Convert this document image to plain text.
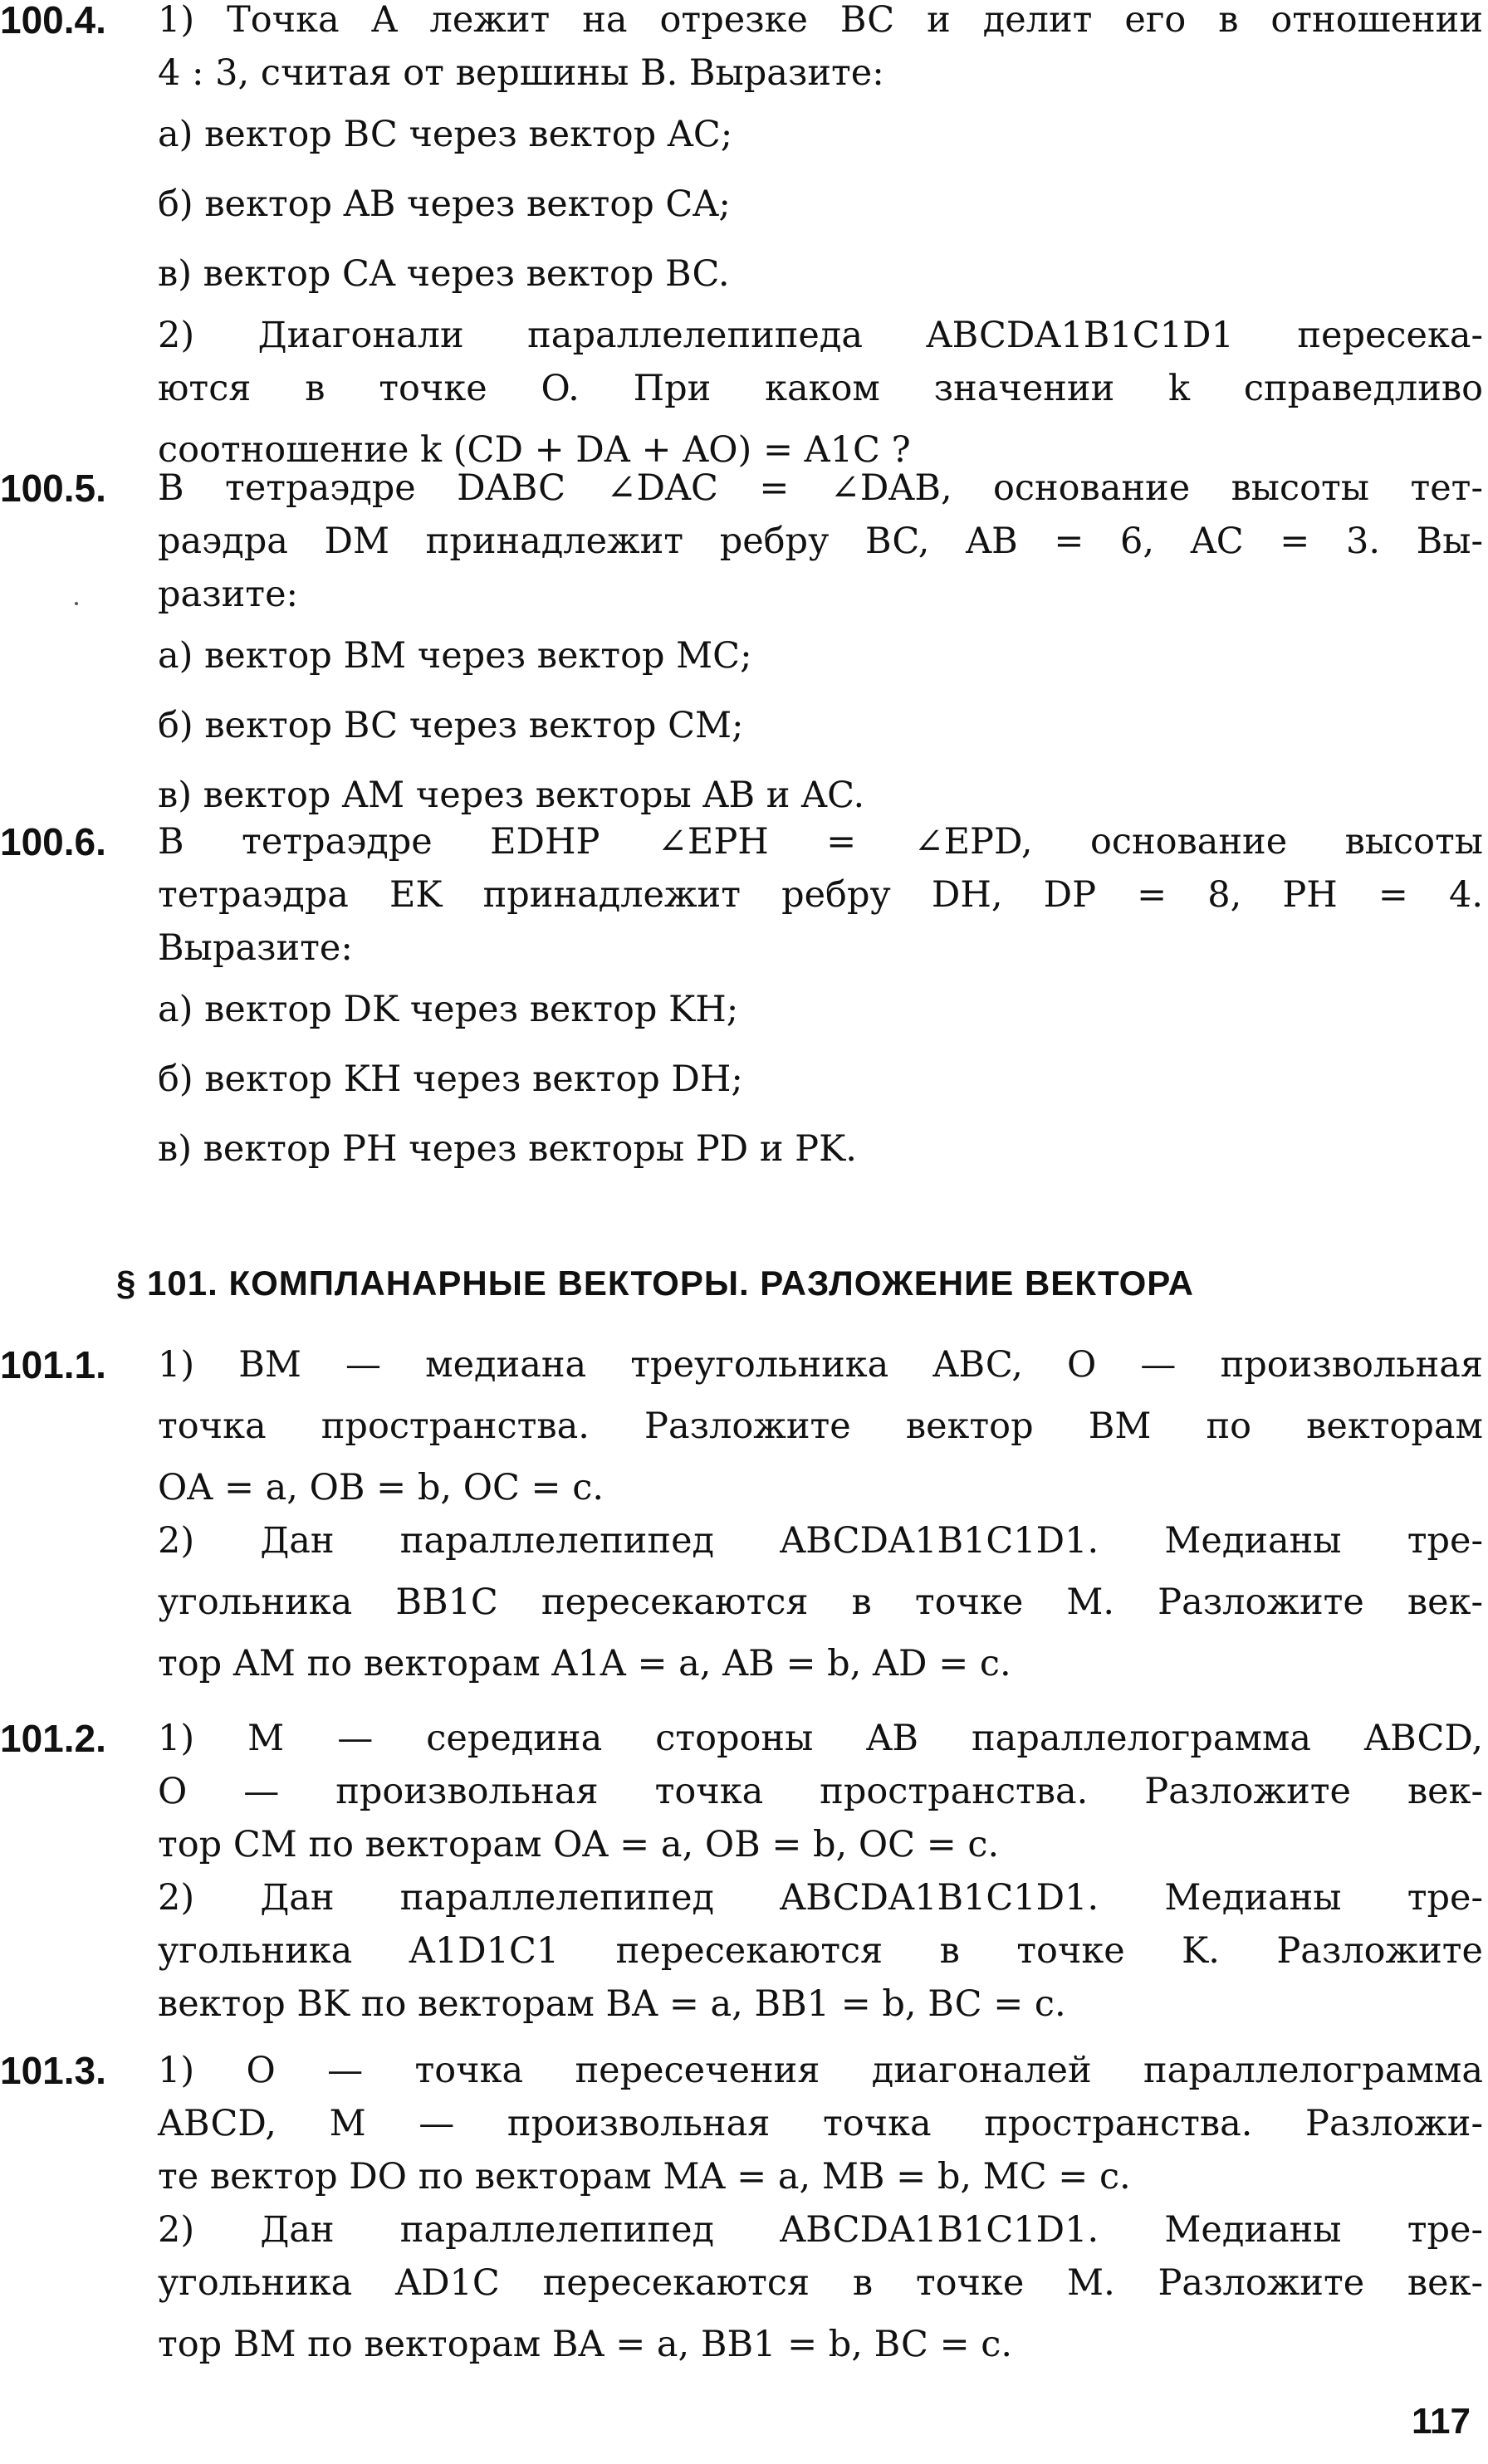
100.4. 1) Точка A лежит на отрезке BC и делит его в отношении
4 : 3, считая от вершины B. Выразите:
а) вектор BC через вектор AC;
б) вектор AB через вектор CA;
в) вектор CA через вектор BC.
2) Диагонали параллелепипеда ABCDA1B1C1D1 пересека-
ются в точке O. При каком значении k справедливо
соотношение k (CD + DA + AO) = A1C ?
100.5. В тетраэдре DABC ∠DAC = ∠DAB, основание высоты тет-
раэдра DM принадлежит ребру BC, AB = 6, AC = 3. Вы-
разите:
а) вектор BM через вектор MC;
б) вектор BC через вектор CM;
в) вектор AM через векторы AB и AC.
100.6. В тетраэдре EDHP ∠EPH = ∠EPD, основание высоты
тетраэдра EK принадлежит ребру DH, DP = 8, PH = 4.
Выразите:
а) вектор DK через вектор KH;
б) вектор KH через вектор DH;
в) вектор PH через векторы PD и PK.
§ 101. КОМПЛАНАРНЫЕ ВЕКТОРЫ. РАЗЛОЖЕНИЕ ВЕКТОРА
101.1. 1) BM — медиана треугольника ABC, O — произвольная
точка пространства. Разложите вектор BM по векторам
OA = a, OB = b, OC = c.
2) Дан параллелепипед ABCDA1B1C1D1. Медианы тре-
угольника BB1C пересекаются в точке M. Разложите век-
тор AM по векторам A1A = a, AB = b, AD = c.
101.2. 1) M — середина стороны AB параллелограмма ABCD,
O — произвольная точка пространства. Разложите век-
тор CM по векторам OA = a, OB = b, OC = c.
2) Дан параллелепипед ABCDA1B1C1D1. Медианы тре-
угольника A1D1C1 пересекаются в точке K. Разложите
вектор BK по векторам BA = a, BB1 = b, BC = c.
101.3. 1) O — точка пересечения диагоналей параллелограмма
ABCD, M — произвольная точка пространства. Разложи-
те вектор DO по векторам MA = a, MB = b, MC = c.
2) Дан параллелепипед ABCDA1B1C1D1. Медианы тре-
угольника AD1C пересекаются в точке M. Разложите век-
тор BM по векторам BA = a, BB1 = b, BC = c.
117
